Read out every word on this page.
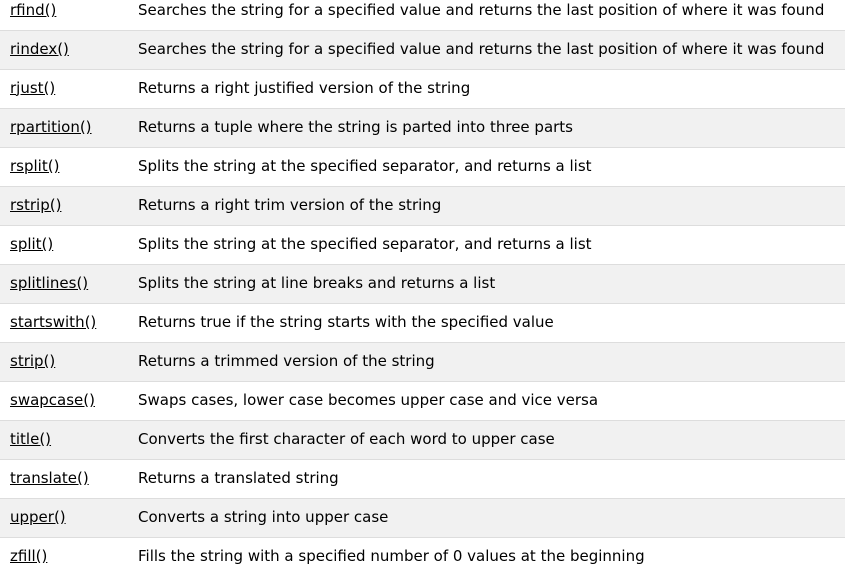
rfind()	Searches the string for a specified value and returns the last position of where it was found
rindex()	Searches the string for a specified value and returns the last position of where it was found
rjust()	Returns a right justified version of the string
rpartition()	Returns a tuple where the string is parted into three parts
rsplit()	Splits the string at the specified separator, and returns a list
rstrip()	Returns a right trim version of the string
split()	Splits the string at the specified separator, and returns a list
splitlines()	Splits the string at line breaks and returns a list
startswith()	Returns true if the string starts with the specified value
strip()	Returns a trimmed version of the string
swapcase()	Swaps cases, lower case becomes upper case and vice versa
title()	Converts the first character of each word to upper case
translate()	Returns a translated string
upper()	Converts a string into upper case
zfill()	Fills the string with a specified number of 0 values at the beginning
